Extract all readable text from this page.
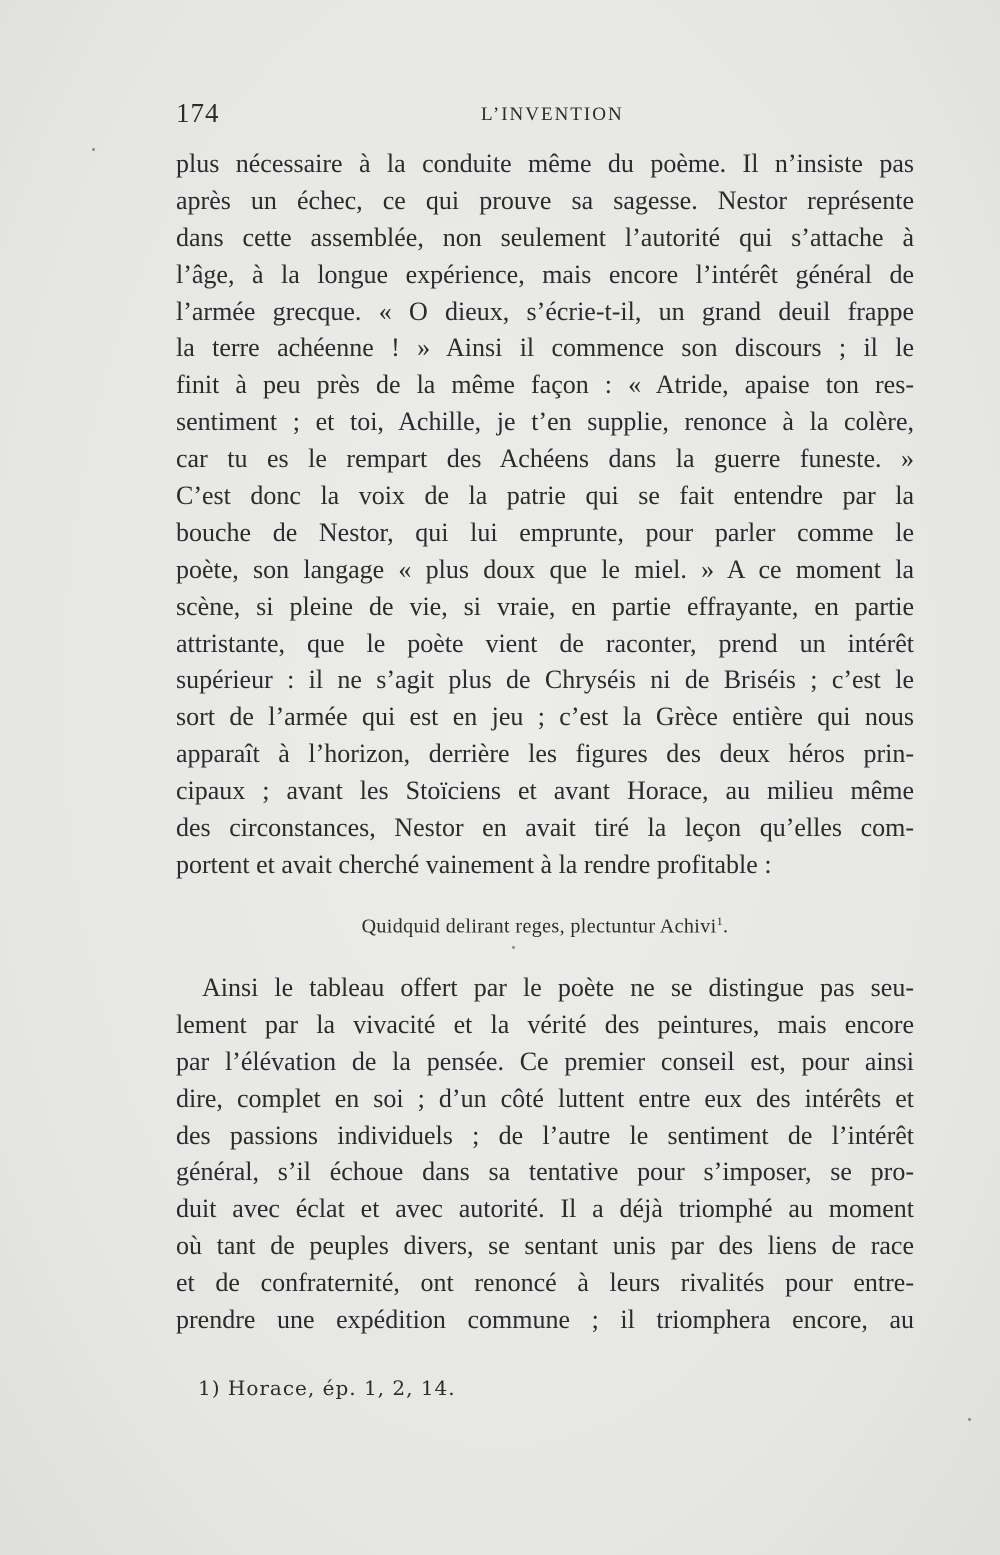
174	L’INVENTION
plus nécessaire à la conduite même du poème. Il n’insiste pas
après un échec, ce qui prouve sa sagesse. Nestor représente
dans cette assemblée, non seulement l’autorité qui s’attache à
l’âge, à la longue expérience, mais encore l’intérêt général de
l’armée grecque. « O dieux, s’écrie-t-il, un grand deuil frappe
la terre achéenne ! » Ainsi il commence son discours ; il le
finit à peu près de la même façon : « Atride, apaise ton res-
sentiment ; et toi, Achille, je t’en supplie, renonce à la colère,
car tu es le rempart des Achéens dans la guerre funeste. »
C’est donc la voix de la patrie qui se fait entendre par la
bouche de Nestor, qui lui emprunte, pour parler comme le
poète, son langage « plus doux que le miel. » A ce moment la
scène, si pleine de vie, si vraie, en partie effrayante, en partie
attristante, que le poète vient de raconter, prend un intérêt
supérieur : il ne s’agit plus de Chryséis ni de Briséis ; c’est le
sort de l’armée qui est en jeu ; c’est la Grèce entière qui nous
apparaît à l’horizon, derrière les figures des deux héros prin-
cipaux ; avant les Stoïciens et avant Horace, au milieu même
des circonstances, Nestor en avait tiré la leçon qu’elles com-
portent et avait cherché vainement à la rendre profitable :
Quidquid delirant reges, plectuntur Achivi$^1$.
Ainsi le tableau offert par le poète ne se distingue pas seu-
lement par la vivacité et la vérité des peintures, mais encore
par l’élévation de la pensée. Ce premier conseil est, pour ainsi
dire, complet en soi ; d’un côté luttent entre eux des intérêts et
des passions individuels ; de l’autre le sentiment de l’intérêt
général, s’il échoue dans sa tentative pour s’imposer, se pro-
duit avec éclat et avec autorité. Il a déjà triomphé au moment
où tant de peuples divers, se sentant unis par des liens de race
et de confraternité, ont renoncé à leurs rivalités pour entre-
prendre une expédition commune ; il triomphera encore, au
1) Horace, ép. 1, 2, 14.
